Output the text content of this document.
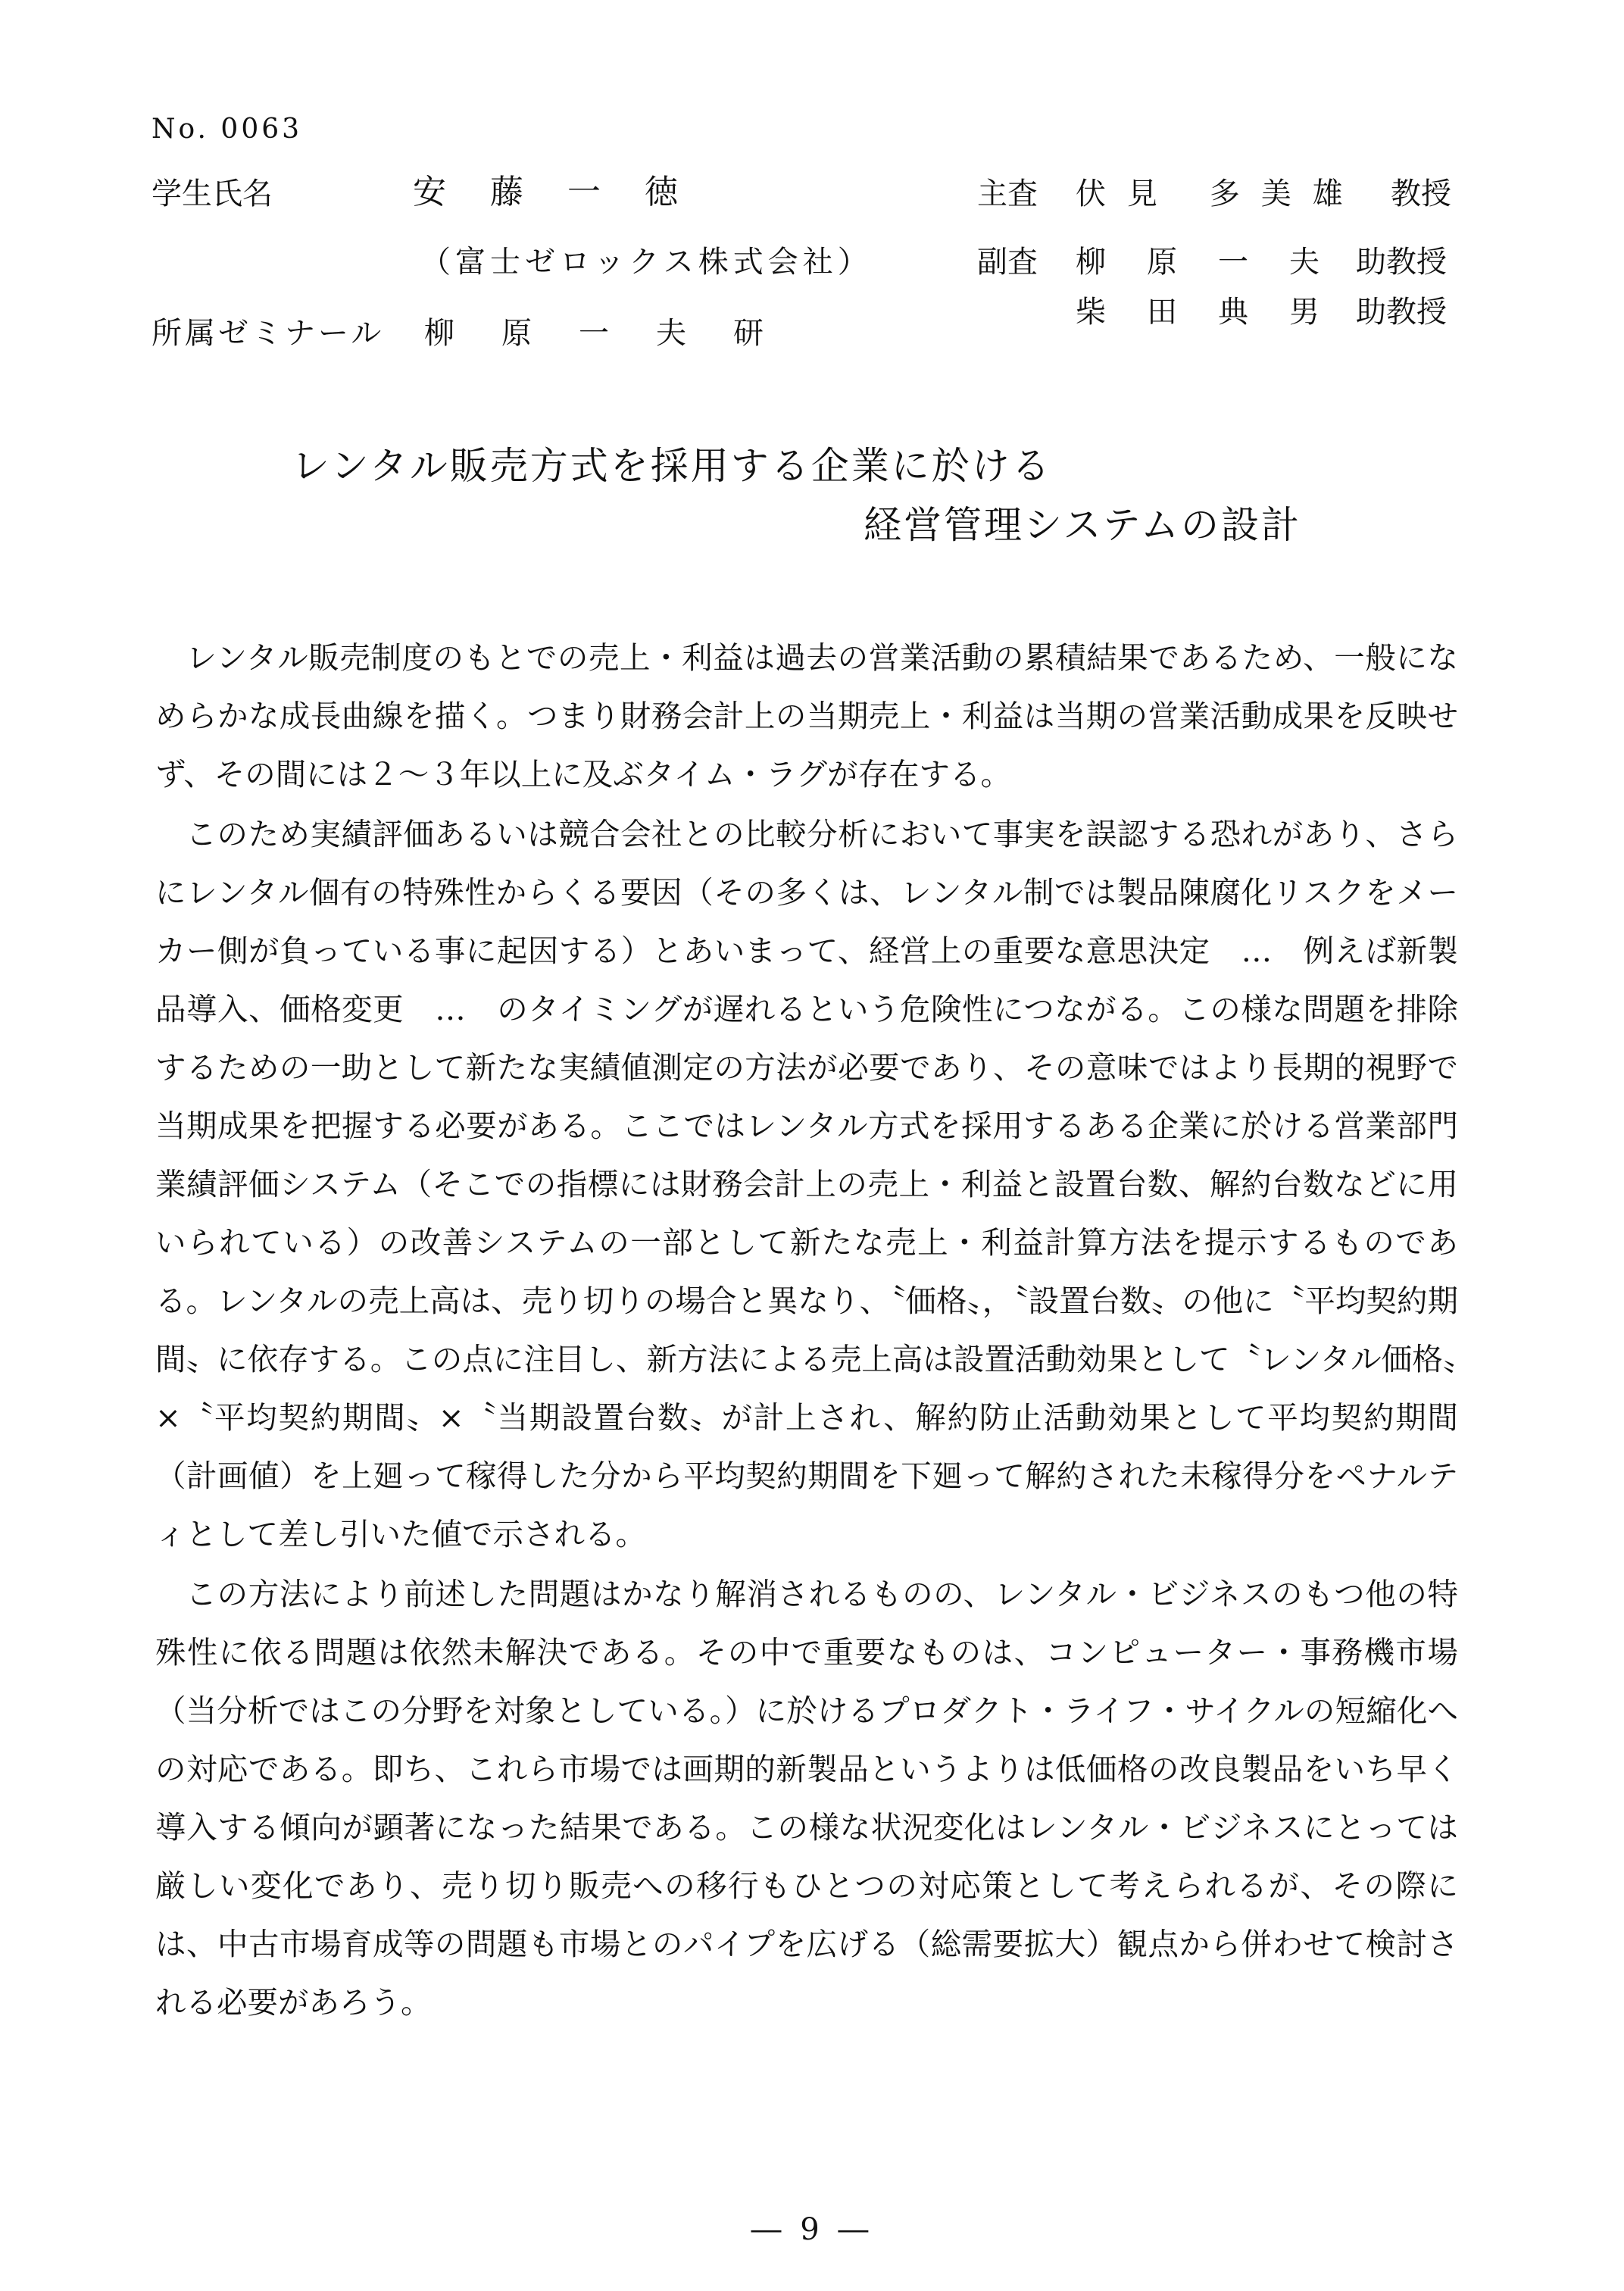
No. 0063
学生氏名	安藤一徳
（富士ゼロックス株式会社）
所属ゼミナール 柳原一夫研
主査 伏見 多美雄 教授
副査 柳原一夫
助教授
柴田典男
助教授
レンタル販売方式を採用する企業に於ける
経営管理システムの設計

レンタル販売制度のもとでの売上・利益は過去の営業活動の累積結果であるため、一般になめらかな成長曲線を描く。つまり財務会計上の当期売上・利益は当期の営業活動成果を反映せず、その間には２～３年以上に及ぶタイム・ラグが存在する。

このため実績評価あるいは競合会社との比較分析において事実を誤認する恐れがあり、さらにレンタル個有の特殊性からくる要因（その多くは、レンタル制では製品陳腐化リスクをメーカー側が負っている事に起因する）とあいまって、経営上の重要な意思決定　…　例えば新製品導入、価格変更　…　のタイミングが遅れるという危険性につながる。この様な問題を排除するための一助として新たな実績値測定の方法が必要であり、その意味ではより長期的視野で当期成果を把握する必要がある。ここではレンタル方式を採用するある企業に於ける営業部門業績評価システム（そこでの指標には財務会計上の売上・利益と設置台数、解約台数などに用いられている）の改善システムの一部として新たな売上・利益計算方法を提示するものである。レンタルの売上高は、売り切りの場合と異なり、〝価格〟，〝設置台数〟の他に〝平均契約期間〟に依存する。この点に注目し、新方法による売上高は設置活動効果として〝レンタル価格〟×〝平均契約期間〟×〝当期設置台数〟が計上され、解約防止活動効果として平均契約期間（計画値）を上廻って稼得した分から平均契約期間を下廻って解約された未稼得分をペナルティとして差し引いた値で示される。

この方法により前述した問題はかなり解消されるものの、レンタル・ビジネスのもつ他の特殊性に依る問題は依然未解決である。その中で重要なものは、コンピューター・事務機市場（当分析ではこの分野を対象としている。）に於けるプロダクト・ライフ・サイクルの短縮化への対応である。即ち、これら市場では画期的新製品というよりは低価格の改良製品をいち早く導入する傾向が顕著になった結果である。この様な状況変化はレンタル・ビジネスにとっては厳しい変化であり、売り切り販売への移行もひとつの対応策として考えられるが、その際には、中古市場育成等の問題も市場とのパイプを広げる（総需要拡大）観点から併わせて検討される必要があろう。

― 9 ―
